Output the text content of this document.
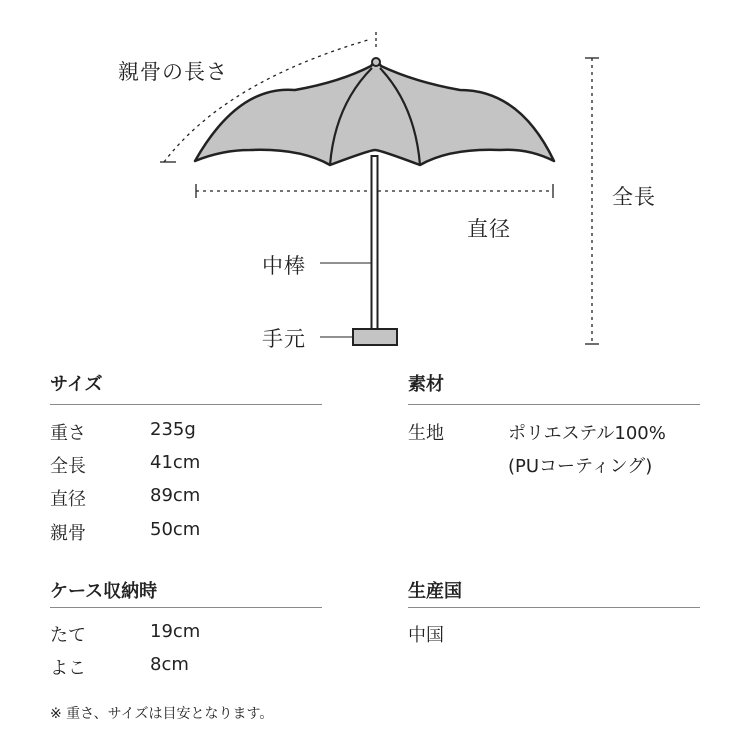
親骨の長さ
全長
直径
中棒
手元
サイズ
重さ	235g
全長	41cm
直径	89cm
親骨	50cm
素材
生地	ポリエステル100%
(PUコーティング)
ケース収納時
たて	19cm
よこ	8cm
生産国
中国
※ 重さ、サイズは目安となります。
